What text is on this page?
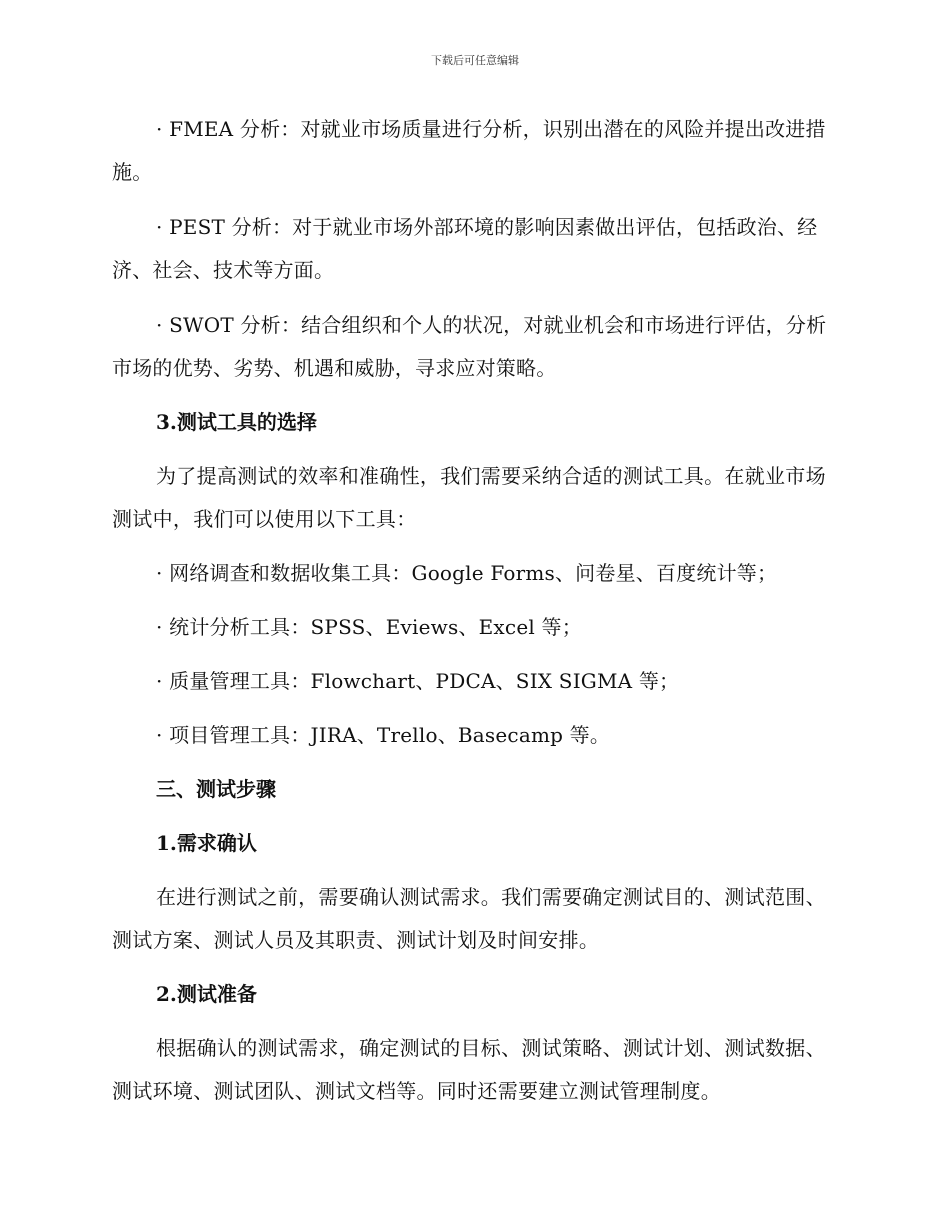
下载后可任意编辑

· FMEA 分析：对就业市场质量进行分析，识别出潜在的风险并提出改进措施。

· PEST 分析：对于就业市场外部环境的影响因素做出评估，包括政治、经济、社会、技术等方面。

· SWOT 分析：结合组织和个人的状况，对就业机会和市场进行评估，分析市场的优势、劣势、机遇和威胁，寻求应对策略。

3.测试工具的选择

为了提高测试的效率和准确性，我们需要采纳合适的测试工具。在就业市场测试中，我们可以使用以下工具：

· 网络调查和数据收集工具：Google Forms、问卷星、百度统计等；

· 统计分析工具：SPSS、Eviews、Excel 等；

· 质量管理工具：Flowchart、PDCA、SIX SIGMA 等；

· 项目管理工具：JIRA、Trello、Basecamp 等。

三、测试步骤

1.需求确认

在进行测试之前，需要确认测试需求。我们需要确定测试目的、测试范围、测试方案、测试人员及其职责、测试计划及时间安排。

2.测试准备

根据确认的测试需求，确定测试的目标、测试策略、测试计划、测试数据、测试环境、测试团队、测试文档等。同时还需要建立测试管理制度。
